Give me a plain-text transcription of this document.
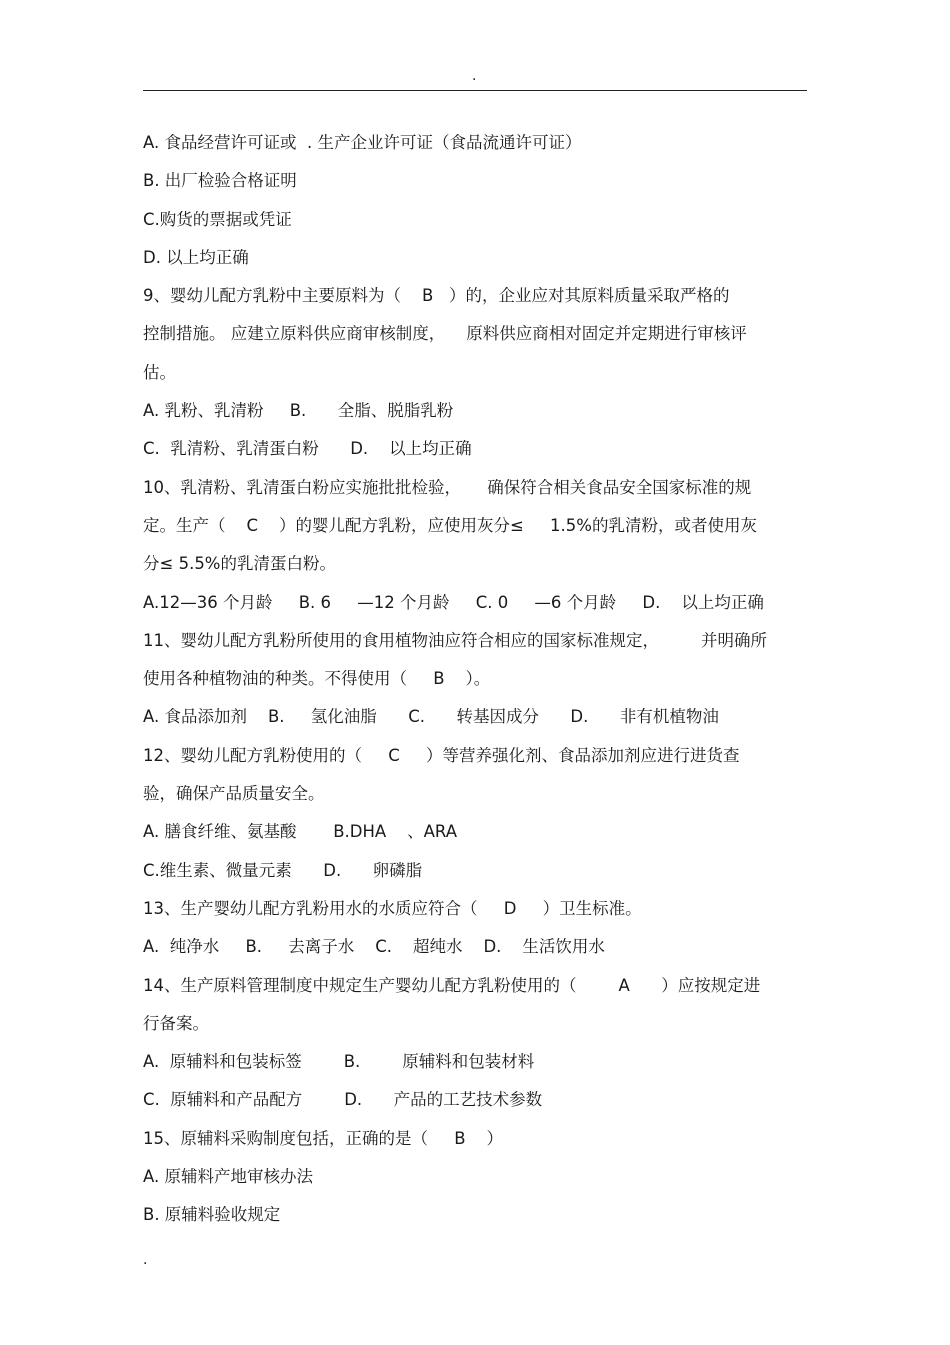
.
A. 食品经营许可证或  . 生产企业许可证（食品流通许可证）
B. 出厂检验合格证明
C.购货的票据或凭证
D. 以上均正确
9、婴幼儿配方乳粉中主要原料为（    B   ）的，企业应对其原料质量采取严格的
控制措施。 应建立原料供应商审核制度，    原料供应商相对固定并定期进行审核评
估。
A. 乳粉、乳清粉     B.      全脂、脱脂乳粉
C.  乳清粉、乳清蛋白粉      D.    以上均正确
10、乳清粉、乳清蛋白粉应实施批批检验，     确保符合相关食品安全国家标准的规
定。生产（    C    ）的婴儿配方乳粉，应使用灰分≤     1.5%的乳清粉，或者使用灰
分≤ 5.5%的乳清蛋白粉。
A.12—36 个月龄     B. 6     —12 个月龄     C. 0     —6 个月龄     D.    以上均正确
11、婴幼儿配方乳粉所使用的食用植物油应符合相应的国家标准规定，        并明确所
使用各种植物油的种类。不得使用（     B    ）。
A. 食品添加剂    B.     氢化油脂      C.      转基因成分      D.      非有机植物油
12、婴幼儿配方乳粉使用的（     C     ）等营养强化剂、食品添加剂应进行进货查
验，确保产品质量安全。
A. 膳食纤维、氨基酸       B.DHA    、ARA
C.维生素、微量元素      D.      卵磷脂
13、生产婴幼儿配方乳粉用水的水质应符合（     D     ）卫生标准。
A.  纯净水     B.     去离子水    C.    超纯水    D.    生活饮用水
14、生产原料管理制度中规定生产婴幼儿配方乳粉使用的（        A      ）应按规定进
行备案。
A.  原辅料和包装标签        B.        原辅料和包装材料
C.  原辅料和产品配方        D.      产品的工艺技术参数
15、原辅料采购制度包括，正确的是（     B    ）
A. 原辅料产地审核办法
B. 原辅料验收规定
.
